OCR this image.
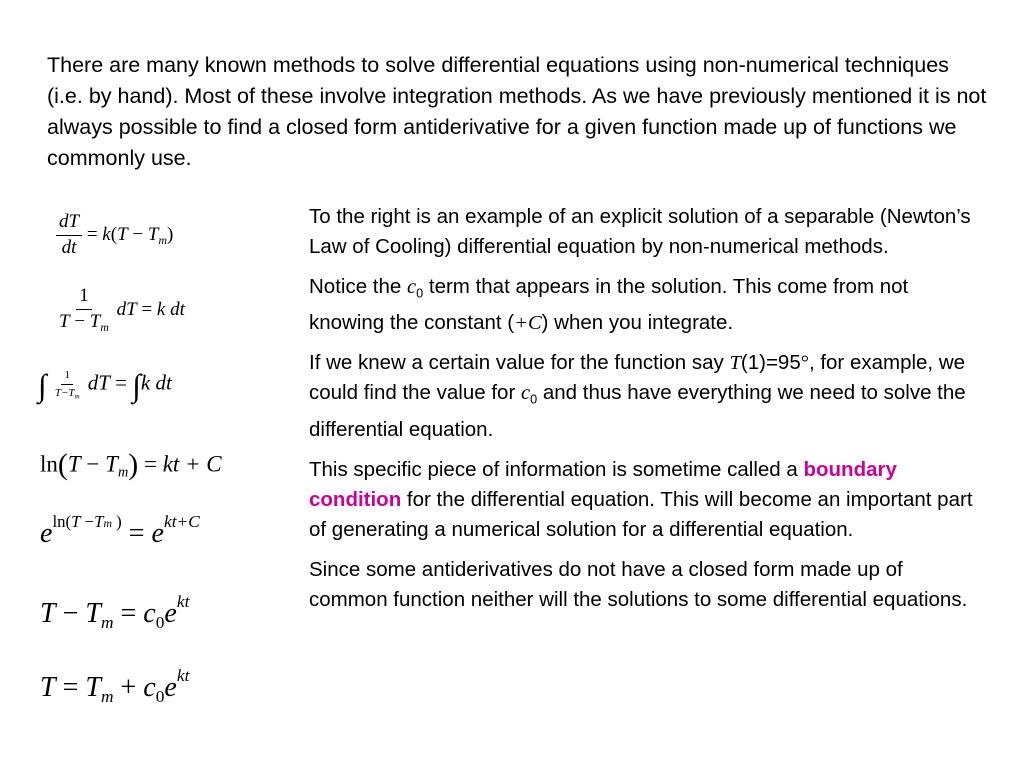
There are many known methods to solve differential equations using non-numerical techniques (i.e. by hand). Most of these involve integration methods. As we have previously mentioned it is not always possible to find a closed form antiderivative for a given function made up of functions we commonly use.

$\frac{dT}{dt} = k(T - T_m)$
$\frac{1}{T - T_m}$ dT = k dt
∫ $\frac{1}{T-T_m}$ dT = ∫k dt
$\ln(T - T_m)$ = kt + C
$e^{ln(T -Tm )} = e^{kt+C}$
$T - T_m = c_0e^{kt}$
$T = T_m + c_0e^{kt}$

To the right is an example of an explicit solution of a separable (Newton’s Law of Cooling) differential equation by non-numerical methods.

Notice the $c_0$ term that appears in the solution. This come from not knowing the constant (+C) when you integrate.

If we knew a certain value for the function say T(1)=95°, for example, we could find the value for $c_0$ and thus have everything we need to solve the differential equation.

This specific piece of information is sometime called a boundary condition for the differential equation. This will become an important part of generating a numerical solution for a differential equation.

Since some antiderivatives do not have a closed form made up of common function neither will the solutions to some differential equations.
